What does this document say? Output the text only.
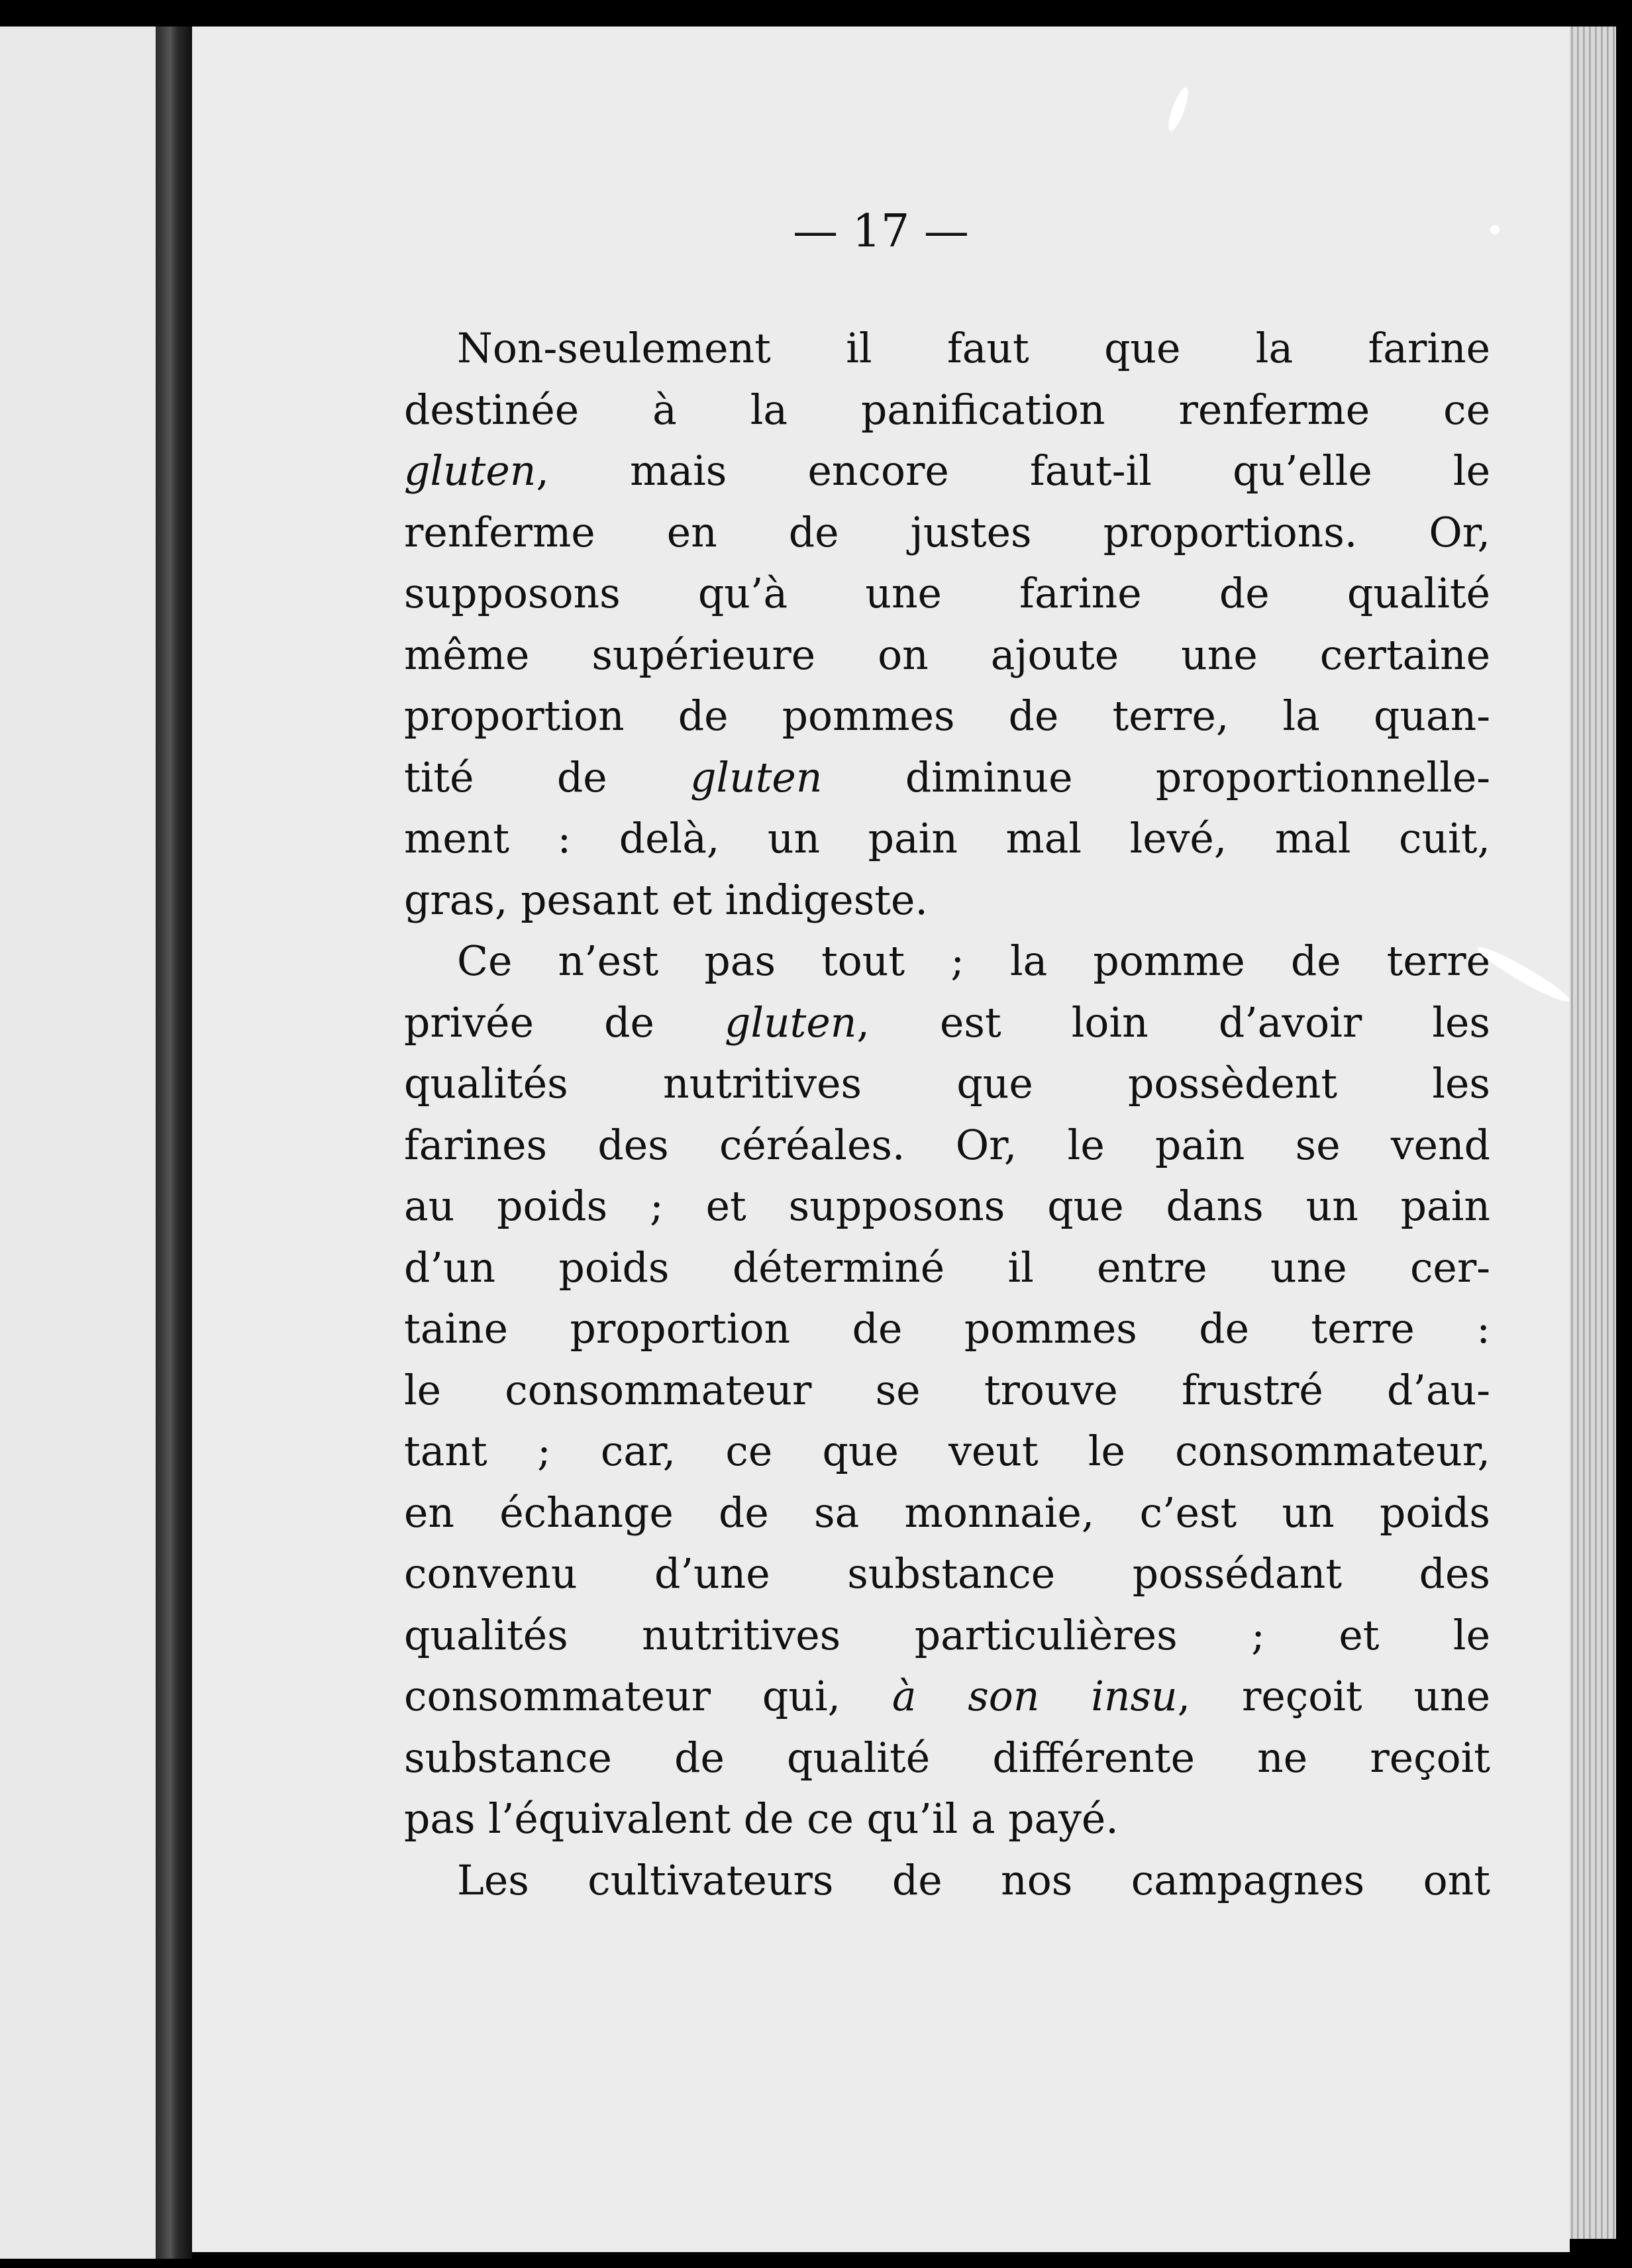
— 17 —
Non-seulement il faut que la farine
destinée à la panification renferme ce
gluten, mais encore faut-il qu’elle le
renferme en de justes proportions. Or,
supposons qu’à une farine de qualité
même supérieure on ajoute une certaine
proportion de pommes de terre, la quan-
tité de gluten diminue proportionnelle-
ment : delà, un pain mal levé, mal cuit,
gras, pesant et indigeste.
Ce n’est pas tout ; la pomme de terre
privée de gluten, est loin d’avoir les
qualités nutritives que possèdent les
farines des céréales. Or, le pain se vend
au poids ; et supposons que dans un pain
d’un poids déterminé il entre une cer-
taine proportion de pommes de terre :
le consommateur se trouve frustré d’au-
tant ; car, ce que veut le consommateur,
en échange de sa monnaie, c’est un poids
convenu d’une substance possédant des
qualités nutritives particulières ; et le
consommateur qui, à son insu, reçoit une
substance de qualité différente ne reçoit
pas l’équivalent de ce qu’il a payé.
Les cultivateurs de nos campagnes ont
